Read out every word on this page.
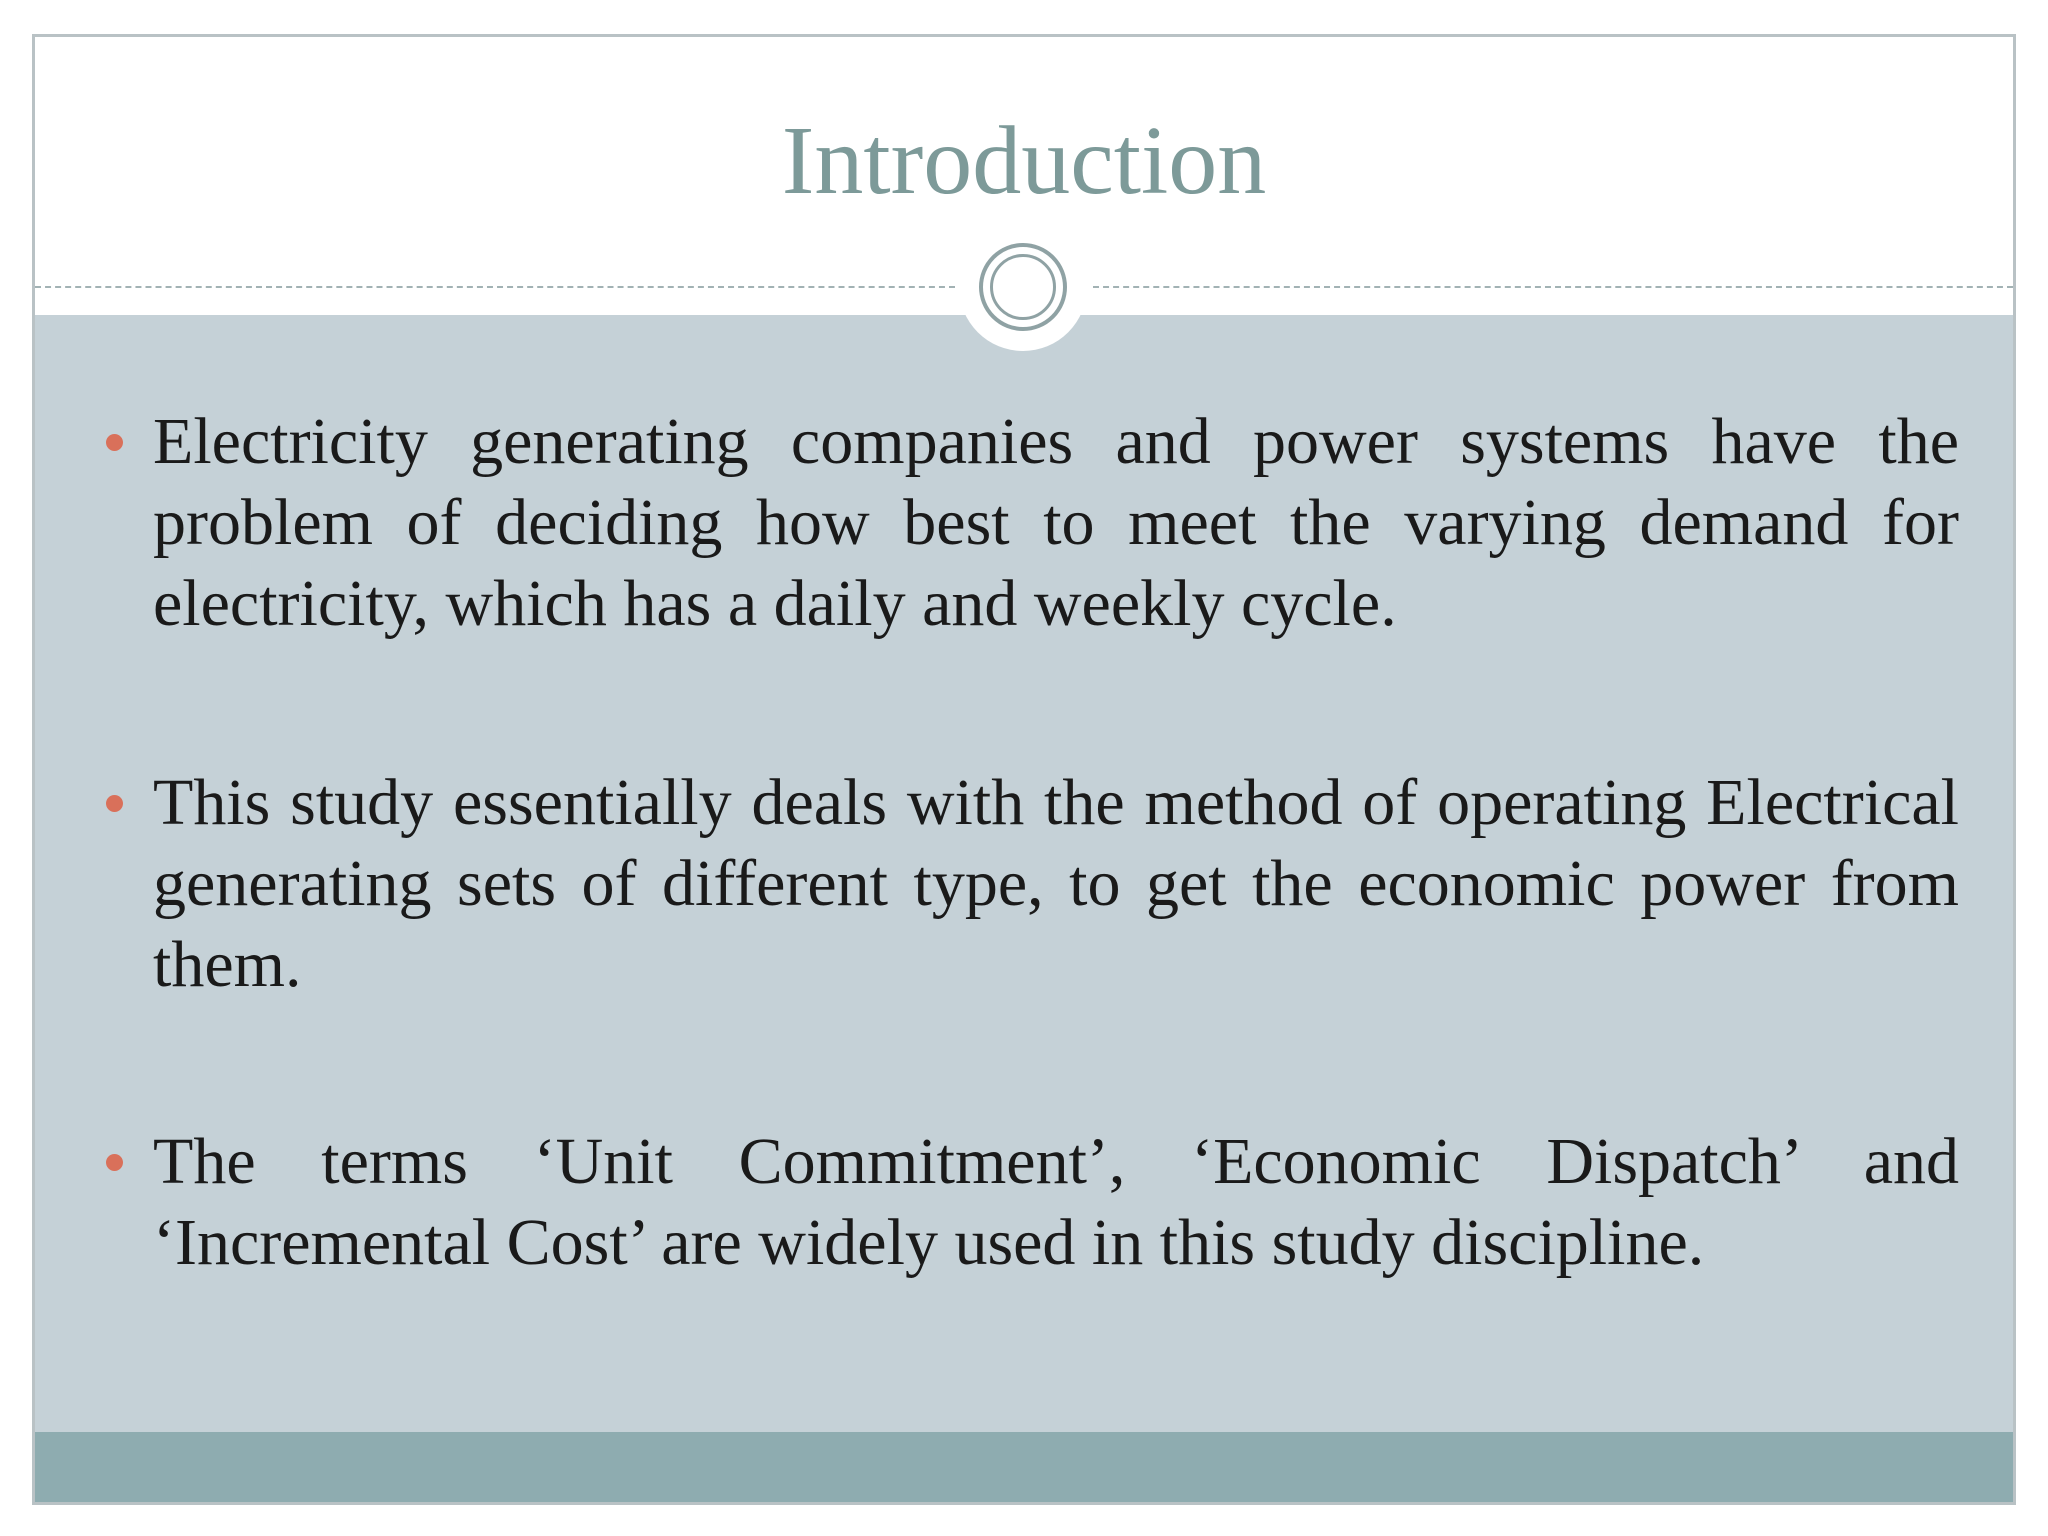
Introduction
Electricity generating companies and power systems have the problem of deciding how best to meet the varying demand for electricity, which has a daily and weekly cycle.
This study essentially deals with the method of operating Electrical generating sets of different type, to get the economic power from them.
The terms ‘Unit Commitment’, ‘Economic Dispatch’ and ‘Incremental Cost’ are widely used in this study discipline.
